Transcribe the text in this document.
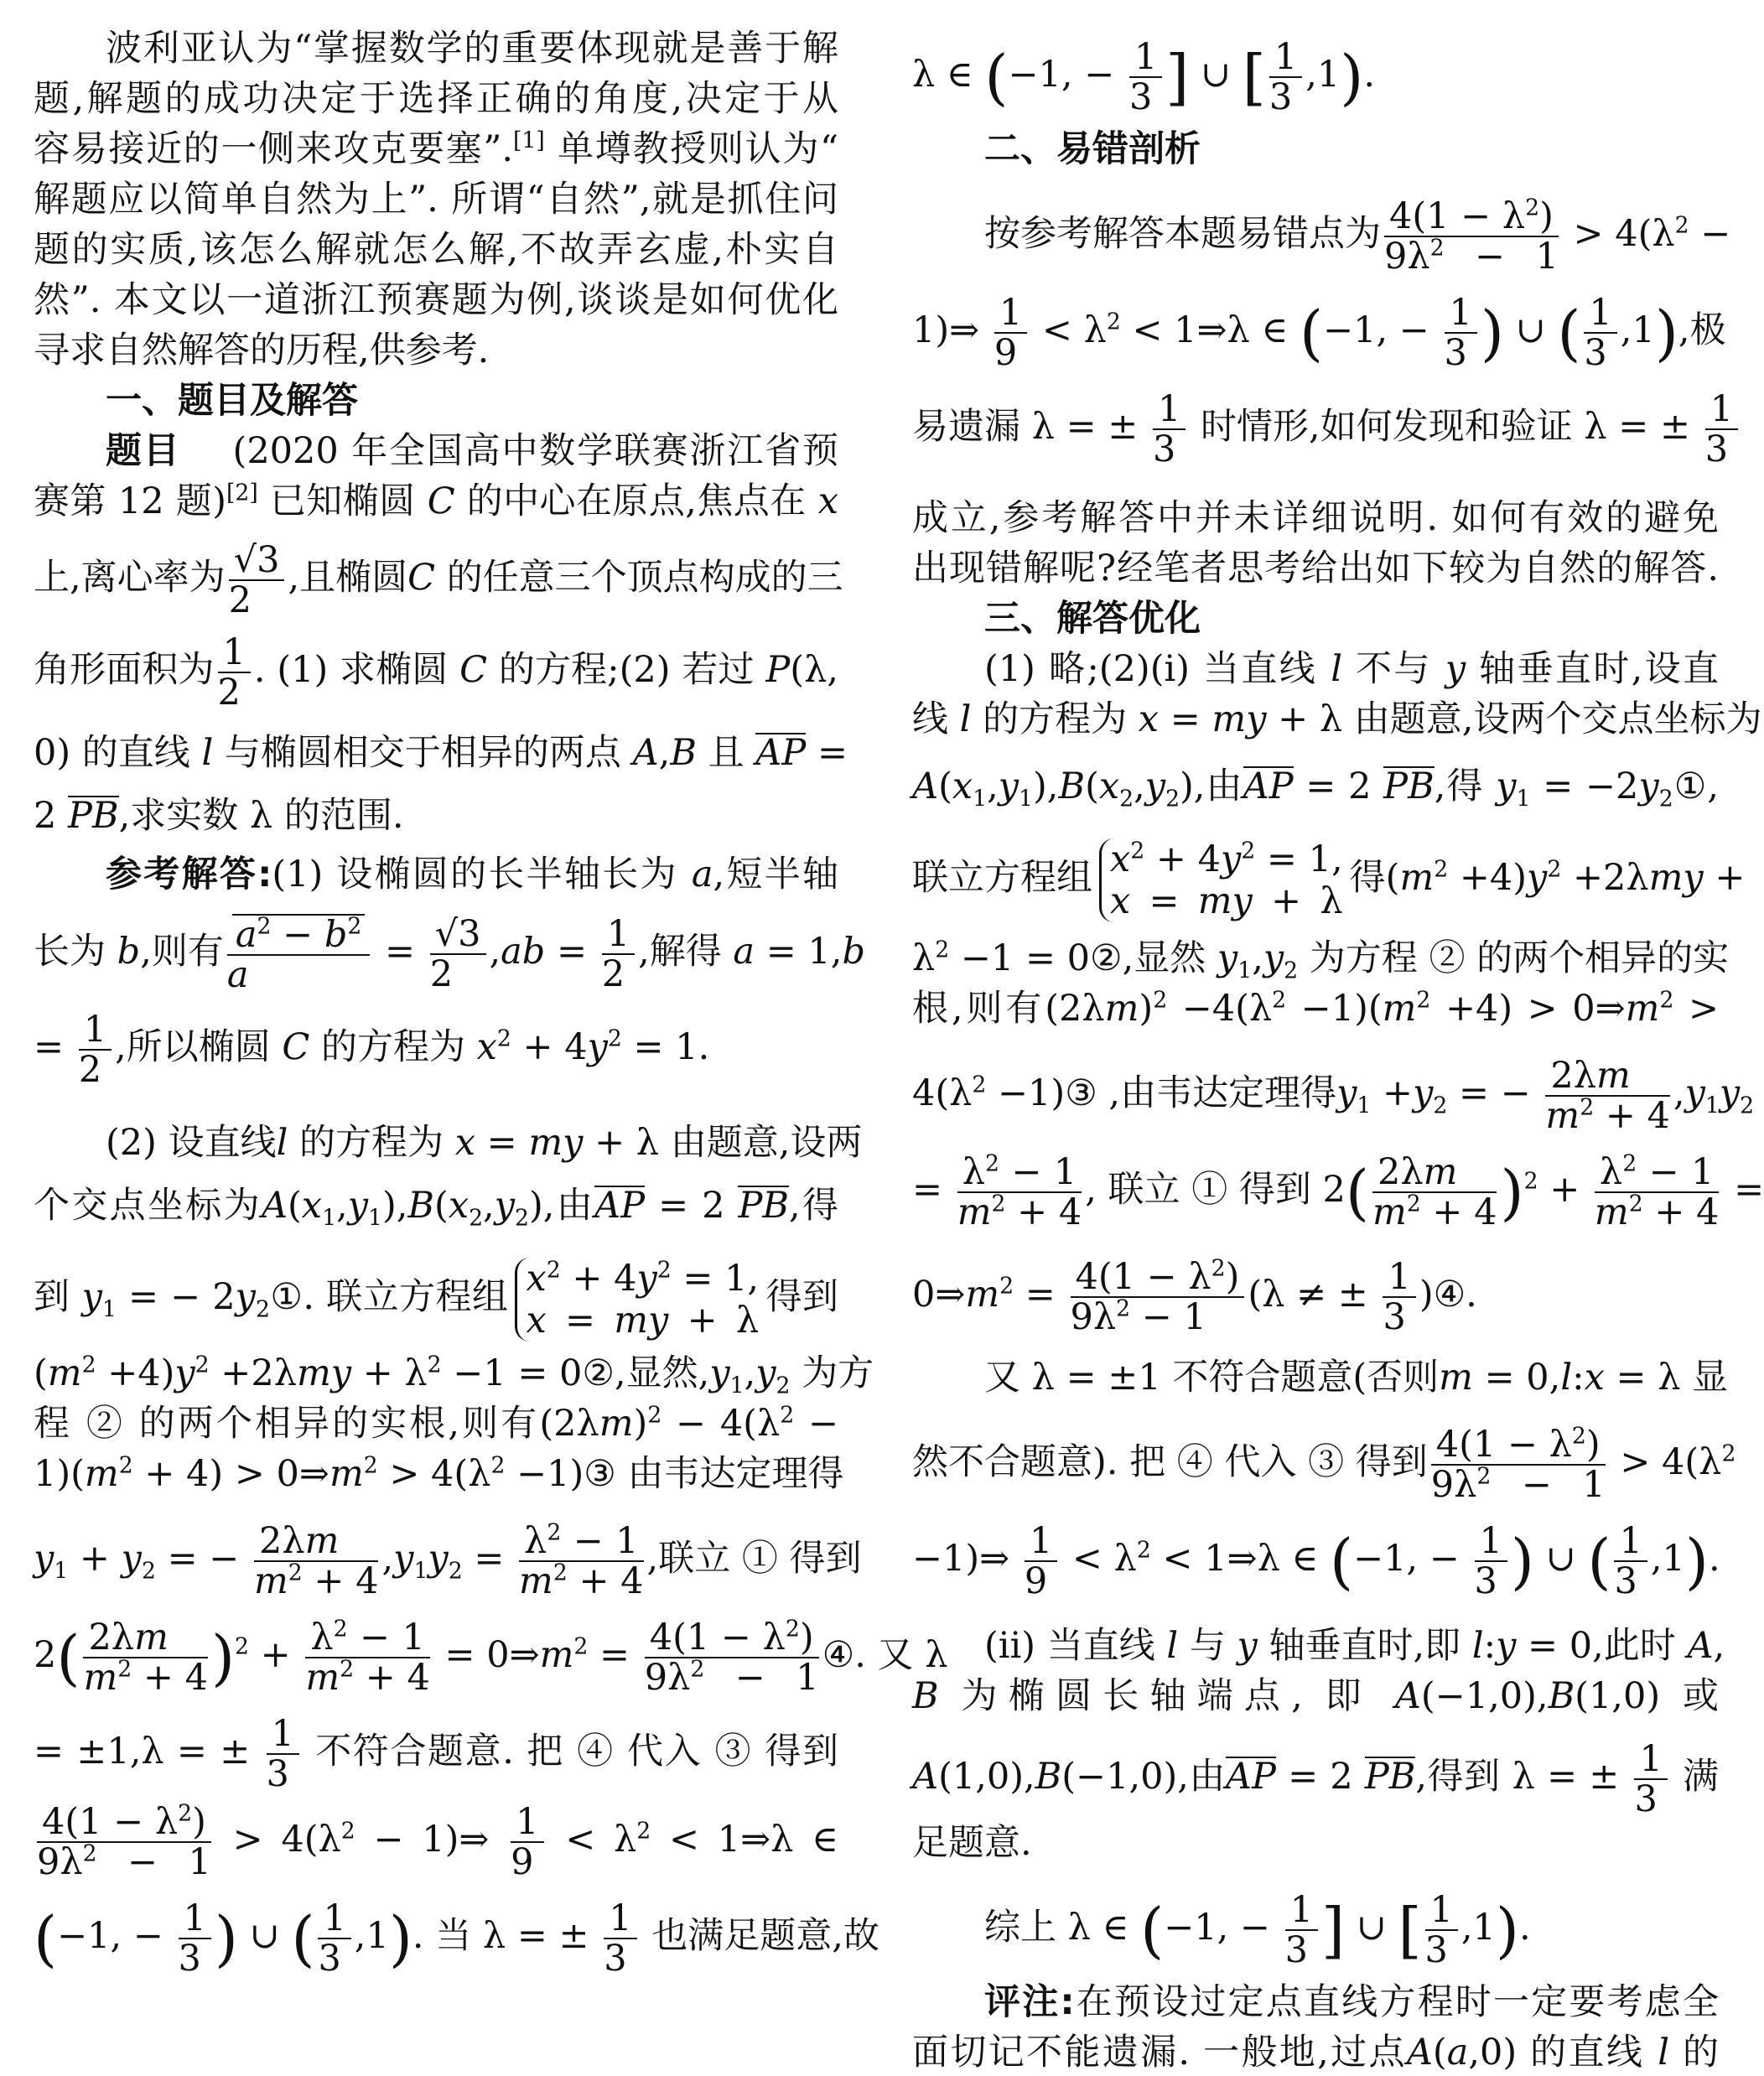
波利亚认为“掌握数学的重要体现就是善于解
题,解题的成功决定于选择正确的角度,决定于从
容易接近的一侧来攻克要塞”.[1] 单墫教授则认为“
解题应以简单自然为上”. 所谓“自然”,就是抓住问
题的实质,该怎么解就怎么解,不故弄玄虚,朴实自
然”. 本文以一道浙江预赛题为例,谈谈是如何优化
寻求自然解答的历程,供参考.
一、题目及解答
题目 (2020 年全国高中数学联赛浙江省预
赛第 12 题)[2] 已知椭圆 C 的中心在原点,焦点在 x
上,离心率为 $\frac{√3}{2}$ ,且椭圆C 的任意三个顶点构成的三
角形面积为 $\frac{1}{2}$ . (1) 求椭圆 C 的方程;(2) 若过 P(λ,
0) 的直线 l 与椭圆相交于相异的两点 A,B 且 AP =
2 PB,求实数 λ 的范围.
参考解答:(1) 设椭圆的长半轴长为 a,短半轴
长为 b,则有 $\frac{a^2 - b^2}{a} = \frac{√3}{2} ,ab = \frac{1}{2}$ ,解得 a = 1,b
= $\frac{1}{2}$ ,所以椭圆 C 的方程为 $x^2 + 4y^2 = 1$.
(2) 设直线l 的方程为 x = my + λ 由题意,设两
个交点坐标为$A(x_1,y_1),B(x_2,y_2)$,由AP = 2 PB,得
到 $y_1$ = − $2y_2①$. 联立方程组 $x^2 + 4y^2 = 1$,
x = my + λ得到
$(m^2 +4)y^2 +2\lambda my + \lambda^2 -1$ = 0②,显然$,y_1,y_2$ 为方
程 ② 的两个相异的实根,则有$(2\lambda m)^2 - 4(\lambda^2$ −
$1)(m^2 + 4)$ > $0\Rightarrow m^2 > 4(\lambda^2$ −1)③ 由韦达定理得
$y_1 + y_2$ = − $\frac{2\lambda m}{m^2 + 4} ,y_1y_2 = \frac{\lambda^2 - 1}{m^2 + 4}$ ,联立 ① 得到
$2( \frac{2\lambda m}{m^2 + 4} )^2 + \frac{\lambda^2 - 1}{m^2 + 4}$ = $0\Rightarrow m^2 = \frac{4(1 - \lambda^2)}{9\lambda^2 - 1}$ ④. 又 λ
= ±1,λ = ± $\frac{1}{3}$ 不符合题意. 把 ④ 代入 ③ 得到
$\frac{4(1 - \lambda^2)}{9\lambda^2 - 1} > 4(\lambda^2$ − 1)⇒ $\frac{1}{9} < \lambda^2$ < 1⇒λ ∈
(−1, − $\frac{1}{3}$ ) ∪ ( $\frac{1}{3} ,1$). 当 λ = ± $\frac{1}{3}$ 也满足题意,故
λ ∈ (−1, − $\frac{1}{3}$ ] ∪ [ $\frac{1}{3} ,1$).
二、易错剖析
按参考解答本题易错点为 $\frac{4(1 - \lambda^2)}{9\lambda^2 - 1} > 4(\lambda^2$ −
1)⇒ $\frac{1}{9} < \lambda^2$ < 1⇒λ ∈ (−1, − $\frac{1}{3}$ ) ∪ ( $\frac{1}{3} ,1$),极
易遗漏 λ = ± $\frac{1}{3}$ 时情形,如何发现和验证 λ = ± $\frac{1}{3}$
成立,参考解答中并未详细说明. 如何有效的避免
出现错解呢?经笔者思考给出如下较为自然的解答.
三、解答优化
(1) 略;(2)(i) 当直线 l 不与 y 轴垂直时,设直
线 l 的方程为 x = my + λ 由题意,设两个交点坐标为
$A(x_1,y_1),B(x_2,y_2)$,由AP = 2 PB,得 $y_1$ = $-2y_2①$,
联立方程组 $x^2 + 4y^2 = 1$,
x = my + λ得$(m^2 +4)y^2 +2\lambda my$ +
$\lambda^2 -1$ = 0②,显然 $y_1,y_2$ 为方程 ② 的两个相异的实
根,则有$(2\lambda m)^2 -4(\lambda^2 -1)(m^2 +4)$ > $0\Rightarrow m^2$ >
$4(\lambda^2$ −1)③ ,由韦达定理得$y_1 +y_2$ = − $\frac{2\lambda m}{m^2 + 4} ,y_1y_2$
= $\frac{\lambda^2 - 1}{m^2 + 4}$ , 联立 ① 得到 $2( \frac{2\lambda m}{m^2 + 4} )^2 + \frac{\lambda^2 - 1}{m^2 + 4}$ =
$0\Rightarrow m^2 = \frac{4(1 - \lambda^2)}{9\lambda^2 - 1} (\lambda$ ≠ ± $\frac{1}{3}$ )④.
又 λ = ±1 不符合题意(否则m = 0,l:x = λ 显
然不合题意). 把 ④ 代入 ③ 得到 $\frac{4(1 - \lambda^2)}{9\lambda^2 - 1} > 4(\lambda^2$
−1)⇒ $\frac{1}{9} < \lambda^2$ < 1⇒λ ∈ (−1, − $\frac{1}{3}$ ) ∪ ( $\frac{1}{3} ,1$).
(ii) 当直线 l 与 y 轴垂直时,即 l:y = 0,此时 A,
B 为椭圆长轴端点, 即 A(−1,0),B(1,0) 或
A(1,0),B(−1,0),由AP = 2 PB,得到 λ = ± $\frac{1}{3}$ 满
足题意.
综上 λ ∈ (−1, − $\frac{1}{3}$ ] ∪ [ $\frac{1}{3} ,1$).
评注:在预设过定点直线方程时一定要考虑全
面切记不能遗漏. 一般地,过点A(a,0) 的直线 l 的
